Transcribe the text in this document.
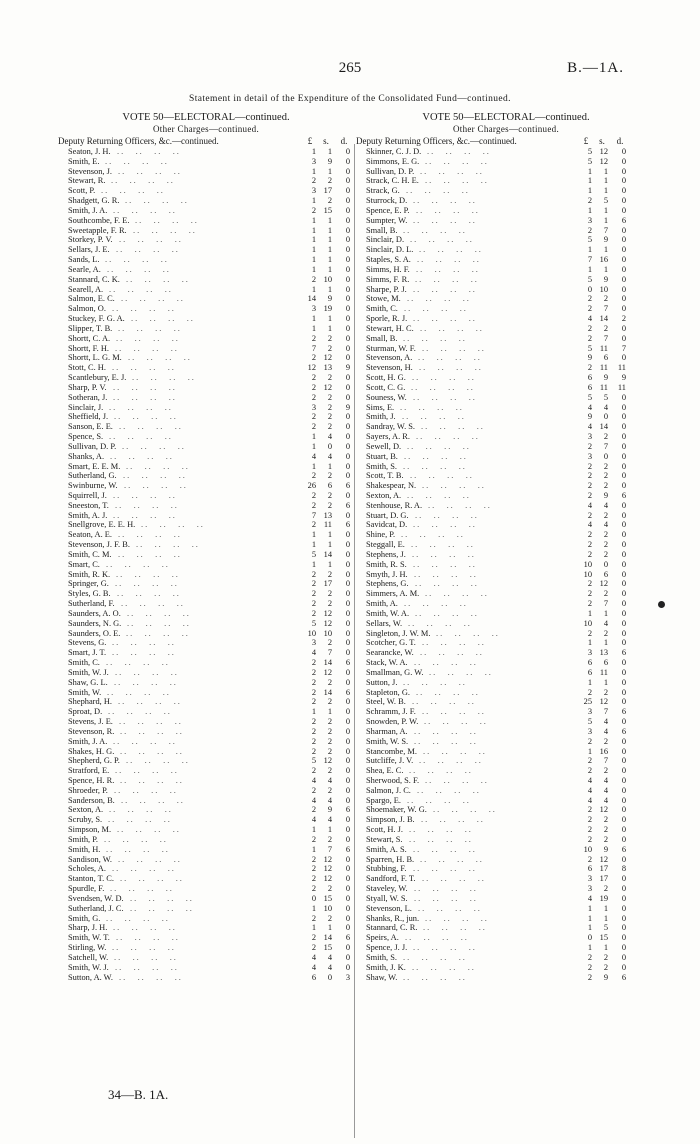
265	B.—1A.
Statement in detail of the Expenditure of the Consolidated Fund—continued.
VOTE 50—ELECTORAL—continued.
Other Charges—continued.
Deputy Returning Officers, &c.—continued.	£	s.	d.
Seaton, J. H. .. .. .. ..	1	1	0
Smith, E. .. .. .. ..	3	9	0
Stevenson, J. .. .. .. ..	1	1	0
Stewart, R. .. .. .. ..	2	2	0
Scott, P. .. .. .. ..	3 17	0
Shadgett, G. R. .. .. .. ..	1	2	0
Smith, J. A. .. .. .. ..	2 15	0
Southcombe, F. E. .. .. .. ..	1	1	0
Sweetapple, F. R. .. .. .. ..	1	1	0
Storkey, P. V. .. .. .. ..	1	1	0
Sellars, J. E. .. .. .. ..	1	1	0
Sands, L. .. .. .. ..	1	1	0
Searle, A. .. .. .. ..	1	1	0
Stannard, C. K. .. .. .. ..	2 10	0
Searell, A. .. .. .. ..	1	1	0
Salmon, E. C. .. .. .. ..	14	9	0
Salmon, O. .. .. .. ..	3 19	0
Stuckey, F. G. A. .. .. .. ..	1	1	0
Slipper, T. B. .. .. .. ..	1	1	0
Shortt, C. A. .. .. .. ..	2	2	0
Shortt, F. H. .. .. .. ..	7	2	0
Shortt, L. G. M. .. .. .. ..	2 12	0
Stott, C. H. .. .. .. ..	12 13	9
Scantlebury, E. J. .. .. .. ..	2	2	0
Sharp, P. V. .. .. .. ..	2 12	0
Sotheran, J. .. .. .. ..	2	2	0
Sinclair, J. .. .. .. ..	3	2	9
Sheffield, J. .. .. .. ..	2	2	0
Sanson, E. E. .. .. .. ..	2	2	0
Spence, S. .. .. .. ..	1	4	0
Sullivan, D. P. .. .. .. ..	1	0	0
Shanks, A. .. .. .. ..	4	4	0
Smart, E. E. M. .. .. .. ..	1	1	0
Sutherland, G. .. .. .. ..	2	2	0
Swinburne, W. .. .. .. ..	26	6	6
Squirrell, J. .. .. .. ..	2	2	0
Sneeston, T. .. .. .. ..	2	2	6
Smith, A. J. .. .. .. ..	7 13	0
Snellgrove, E. E. H. .. .. .. ..	2 11	6
Seaton, A. E. .. .. .. ..	1	1	0
Stevenson, J. F. B. .. .. .. ..	1	1	0
Smith, C. M. .. .. .. ..	5 14	0
Smart, C. .. .. .. ..	1	1	0
Smith, R. K. .. .. .. ..	2	2	0
Springer, G. .. .. .. ..	2 17	0
Styles, G. B. .. .. .. ..	2	2	0
Sutherland, F. .. .. .. ..	2	2	0
Saunders, A. O. .. .. .. ..	2 12	0
Saunders, N. G. .. .. .. ..	5 12	0
Saunders, O. E. .. .. .. ..	10 10	0
Stevens, G. .. .. .. ..	3	2	0
Smart, J. T. .. .. .. ..	4	7	0
Smith, C. .. .. .. ..	2 14	6
Smith, W. J. .. .. .. ..	2 12	0
Shaw, G. L. .. .. .. ..	2	2	0
Smith, W. .. .. .. ..	2 14	6
Shephard, H. .. .. .. ..	2	2	0
Sproat, D. .. .. .. ..	1	1	0
Stevens, J. E. .. .. .. ..	2	2	0
Stevenson, R. .. .. .. ..	2	2	0
Smith, J. A. .. .. .. ..	2	2	0
Shakes, H. G. .. .. .. ..	2	2	0
Shepherd, G. P. .. .. .. ..	5 12	0
Stratford, E. .. .. .. ..	2	2	0
Spence, H. R. .. .. .. ..	4	4	0
Shroeder, P. .. .. .. ..	2	2	0
Sanderson, B. .. .. .. ..	4	4	0
Sexton, A. .. .. .. ..	2	9	6
Scruby, S. .. .. .. ..	4	4	0
Simpson, M. .. .. .. ..	1	1	0
Smith, P. .. .. .. ..	2	2	0
Smith, H. .. .. .. ..	1	7	6
Sandison, W. .. .. .. ..	2 12	0
Scholes, A. .. .. .. ..	2 12	0
Stanton, T. C. .. .. .. ..	2 12	0
Spurdle, F. .. .. .. ..	2	2	0
Svendsen, W. D. .. .. .. ..	0 15	0
Sutherland, J. C. .. .. .. ..	1 10	0
Smith, G. .. .. .. ..	2	2	0
Sharp, J. H. .. .. .. ..	1	1	0
Smith, W. T. .. .. .. ..	2 14	6
Stirling, W. .. .. .. ..	2 15	0
Satchell, W. .. .. .. ..	4	4	0
Smith, W. J. .. .. .. ..	4	4	0
Sutton, A. W. .. .. .. ..	6	0	3
VOTE 50—ELECTORAL—continued.
Other Charges—continued.
Deputy Returning Officers, &c.—continued.	£	s.	d.
Skinner, C. J. D. .. .. .. ..	5 12	0
Simmons, E. G. .. .. .. ..	5 12	0
Sullivan, D. P. .. .. .. ..	1	1	0
Strack, C. H. E. .. .. .. ..	1	1	0
Strack, G. .. .. .. ..	1	1	0
Sturrock, D. .. .. .. ..	2	5	0
Spence, E. P. .. .. .. ..	1	1	0
Sumpter, W. .. .. .. ..	3	1	6
Small, B. .. .. .. ..	2	7	0
Sinclair, D. .. .. .. ..	5	9	0
Sinclair, D. L. .. .. .. ..	1	1	0
Staples, S. A. .. .. .. ..	7 16	0
Simms, H. F. .. .. .. ..	1	1	0
Simms, F. R. .. .. .. ..	5	9	0
Sharpe, P. J. .. .. .. ..	0 10	0
Stowe, M. .. .. .. ..	2	2	0
Smith, C. .. .. .. ..	2	7	0
Sporle, R. J. .. .. .. ..	4 14	2
Stewart, H. C. .. .. .. ..	2	2	0
Small, B. .. .. .. ..	2	7	0
Sturman, W. F. .. .. .. ..	5 11	7
Stevenson, A. .. .. .. ..	9	6	0
Stevenson, H. .. .. .. ..	2 11	11
Scott, H. G. .. .. .. ..	6	9	9
Scott, C. G. .. .. .. ..	6 11	11
Souness, W. .. .. .. ..	5	5	0
Sims, E. .. .. .. ..	4	4	0
Smith, J. .. .. .. ..	9	0	0
Sandray, W. S. .. .. .. ..	4 14	0
Sayers, A. R. .. .. .. ..	3	2	0
Sewell, D. .. .. .. ..	2	7	0
Stuart, B. .. .. .. ..	3	0	0
Smith, S. .. .. .. ..	2	2	0
Scott, T. B. .. .. .. ..	2	2	0
Shakespear, N. .. .. .. ..	2	2	0
Sexton, A. .. .. .. ..	2	9	6
Stenhouse, R. A. .. .. .. ..	4	4	0
Stuart, D. G. .. .. .. ..	2	2	0
Savidcat, D. .. .. .. ..	4	4	0
Shine, P. .. .. .. ..	2	2	0
Steggall, E. .. .. .. ..	2	2	0
Stephens, J. .. .. .. ..	2	2	0
Smith, R. S. .. .. .. ..	10	0	0
Smyth, J. H. .. .. .. ..	10	6	0
Stephens, G. .. .. .. ..	2 12	0
Simmers, A. M. .. .. .. ..	2	2	0
Smith, A. .. .. .. ..	2	7	0
Smith, W. A. .. .. .. ..	1	1	0
Sellars, W. .. .. .. ..	10	4	0
Singleton, J. W. M. .. .. .. ..	2	2	0
Scotcher, G. T. .. .. .. ..	1	1	0
Searancke, W. .. .. .. ..	3 13	6
Stack, W. A. .. .. .. ..	6	6	0
Smallman, G. W. .. .. .. ..	6 11	0
Sutton, J. .. .. .. ..	1	1	0
Stapleton, G. .. .. .. ..	2	2	0
Steel, W. B. .. .. .. ..	25 12	0
Schramm, J. F. .. .. .. ..	3	7	6
Snowden, P. W. .. .. .. ..	5	4	0
Sharman, A. .. .. .. ..	3	4	6
Smith, W. S. .. .. .. ..	2	2	0
Stancombe, M. .. .. .. ..	1 16	0
Sutcliffe, J. V. .. .. .. ..	2	7	0
Shea, E. C. .. .. .. ..	2	2	0
Sherwood, S. F. .. .. .. ..	4	4	0
Salmon, J. C. .. .. .. ..	4	4	0
Spargo, E. .. .. .. ..	4	4	0
Shoemaker, W. G. .. .. .. ..	2 12	0
Simpson, J. B. .. .. .. ..	2	2	0
Scott, H. J. .. .. .. ..	2	2	0
Stewart, S. .. .. .. ..	2	2	0
Smith, A. S. .. .. .. ..	10	9	6
Sparren, H. B. .. .. .. ..	2 12	0
Stubbing, F. .. .. .. ..	6 17	8
Sandford, F. T. .. .. .. ..	3 17	0
Staveley, W. .. .. .. ..	3	2	0
Styall, W. S. .. .. .. ..	4 19	0
Stevenson, L. .. .. .. ..	1	1	0
Shanks, R., jun. .. .. .. ..	1	1	0
Stannard, C. R. .. .. .. ..	1	5	0
Speirs, A. .. .. .. ..	0 15	0
Spence, J. J. .. .. .. ..	1	1	0
Smith, S. .. .. .. ..	2	2	0
Smith, J. K. .. .. .. ..	2	2	0
Shaw, W. .. .. .. ..	2	9	6
34—B. 1A.
